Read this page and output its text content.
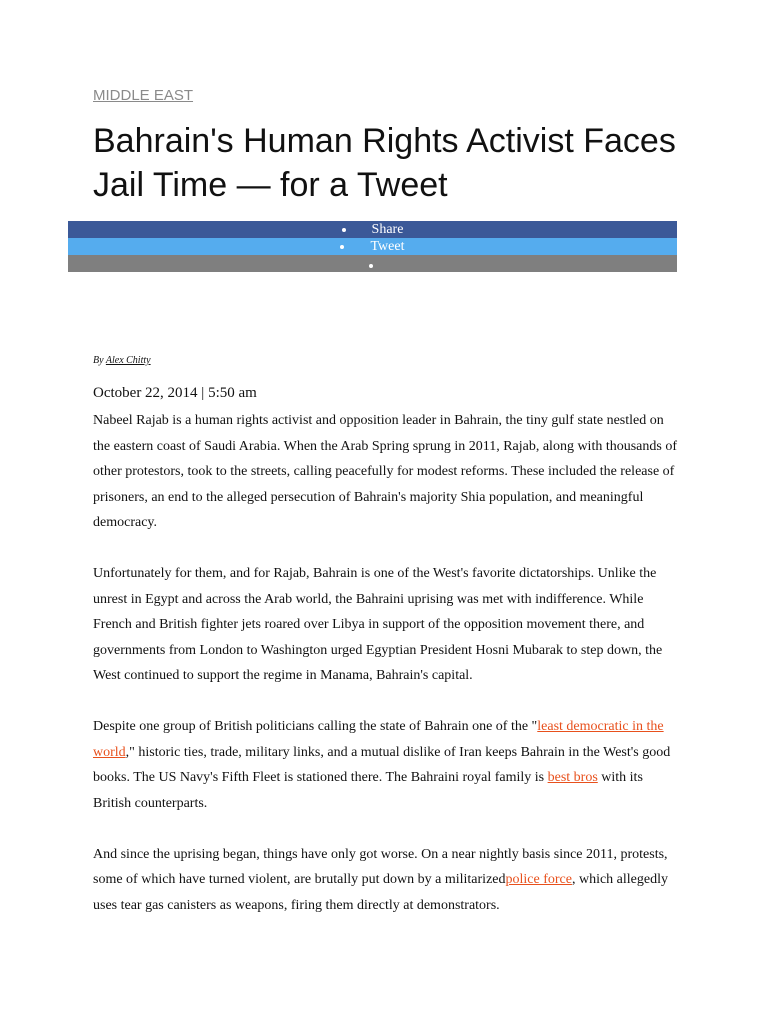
MIDDLE EAST
Bahrain's Human Rights Activist Faces Jail Time — for a Tweet
Share
Tweet
By Alex Chitty
October 22, 2014 | 5:50 am

Nabeel Rajab is a human rights activist and opposition leader in Bahrain, the tiny gulf state nestled on the eastern coast of Saudi Arabia. When the Arab Spring sprung in 2011, Rajab, along with thousands of other protestors, took to the streets, calling peacefully for modest reforms. These included the release of prisoners, an end to the alleged persecution of Bahrain's majority Shia population, and meaningful democracy.

Unfortunately for them, and for Rajab, Bahrain is one of the West's favorite dictatorships. Unlike the unrest in Egypt and across the Arab world, the Bahraini uprising was met with indifference. While French and British fighter jets roared over Libya in support of the opposition movement there, and governments from London to Washington urged Egyptian President Hosni Mubarak to step down, the West continued to support the regime in Manama, Bahrain's capital.

Despite one group of British politicians calling the state of Bahrain one of the "least democratic in the world," historic ties, trade, military links, and a mutual dislike of Iran keeps Bahrain in the West's good books. The US Navy's Fifth Fleet is stationed there. The Bahraini royal family is best bros with its British counterparts.

And since the uprising began, things have only got worse. On a near nightly basis since 2011, protests, some of which have turned violent, are brutally put down by a militarizedpolice force, which allegedly uses tear gas canisters as weapons, firing them directly at demonstrators.
